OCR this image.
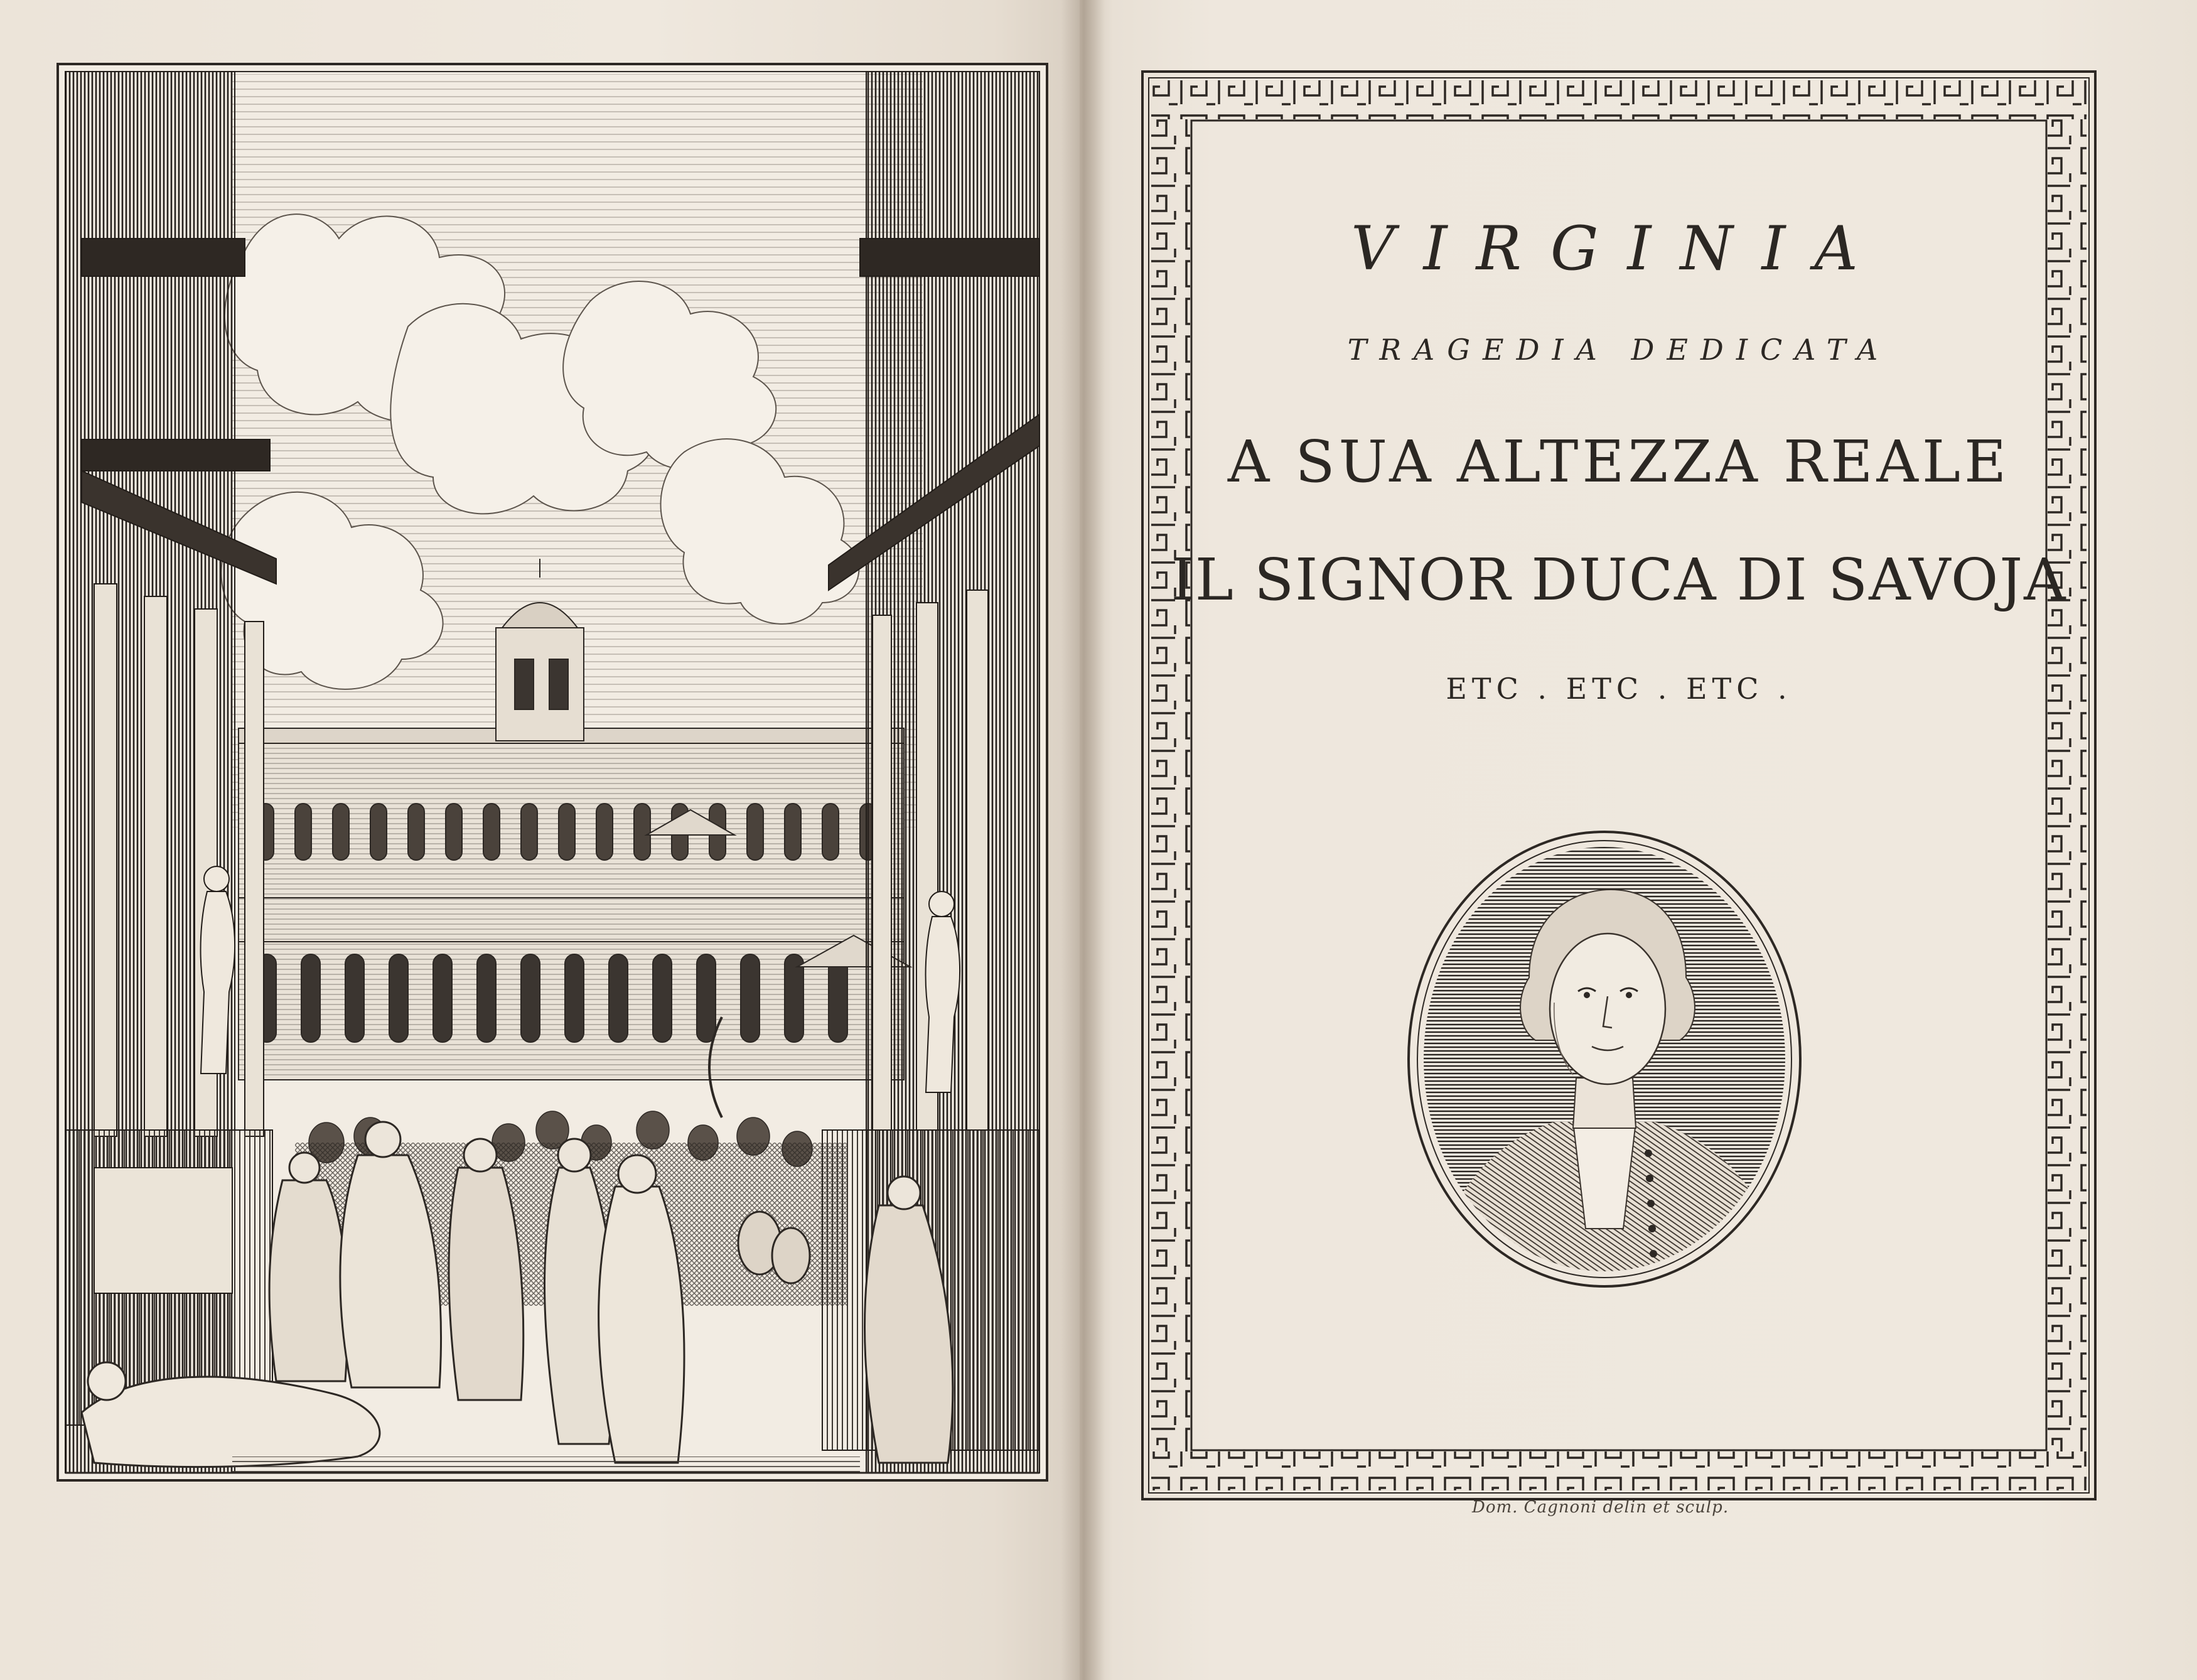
VIRGINIA
TRAGEDIA DEDICATA
A SUA ALTEZZA REALE
IL SIGNOR DUCA DI SAVOJA
ETC . ETC . ETC .
Dom. Cagnoni delin et sculp.
